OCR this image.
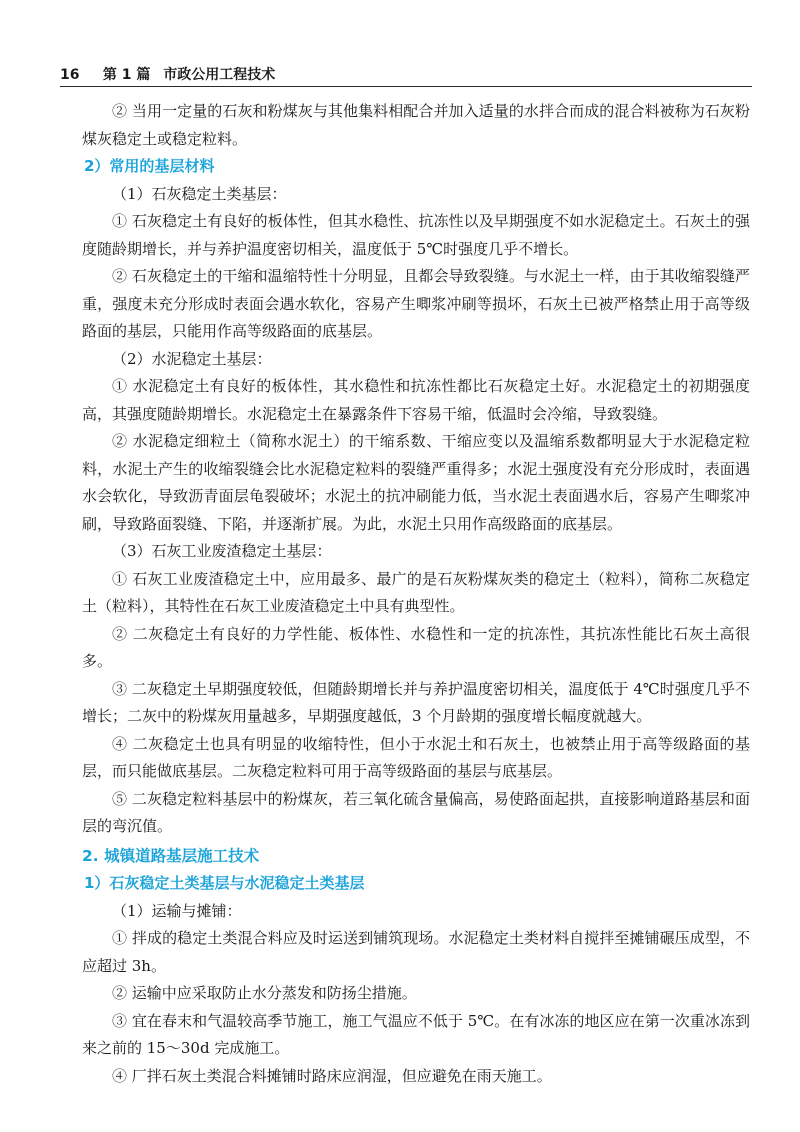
16 第 1 篇 市政公用工程技术

② 当用一定量的石灰和粉煤灰与其他集料相配合并加入适量的水拌合而成的混合料被称为石灰粉煤灰稳定土或稳定粒料。

2）常用的基层材料

（1）石灰稳定土类基层：

① 石灰稳定土有良好的板体性，但其水稳性、抗冻性以及早期强度不如水泥稳定土。石灰土的强度随龄期增长，并与养护温度密切相关，温度低于 5℃时强度几乎不增长。

② 石灰稳定土的干缩和温缩特性十分明显，且都会导致裂缝。与水泥土一样，由于其收缩裂缝严重，强度未充分形成时表面会遇水软化，容易产生唧浆冲刷等损坏，石灰土已被严格禁止用于高等级路面的基层，只能用作高等级路面的底基层。

（2）水泥稳定土基层：

① 水泥稳定土有良好的板体性，其水稳性和抗冻性都比石灰稳定土好。水泥稳定土的初期强度高，其强度随龄期增长。水泥稳定土在暴露条件下容易干缩，低温时会冷缩，导致裂缝。

② 水泥稳定细粒土（简称水泥土）的干缩系数、干缩应变以及温缩系数都明显大于水泥稳定粒料，水泥土产生的收缩裂缝会比水泥稳定粒料的裂缝严重得多；水泥土强度没有充分形成时，表面遇水会软化，导致沥青面层龟裂破坏；水泥土的抗冲刷能力低，当水泥土表面遇水后，容易产生唧浆冲刷，导致路面裂缝、下陷，并逐渐扩展。为此，水泥土只用作高级路面的底基层。

（3）石灰工业废渣稳定土基层：

① 石灰工业废渣稳定土中，应用最多、最广的是石灰粉煤灰类的稳定土（粒料），简称二灰稳定土（粒料），其特性在石灰工业废渣稳定土中具有典型性。

② 二灰稳定土有良好的力学性能、板体性、水稳性和一定的抗冻性，其抗冻性能比石灰土高很多。

③ 二灰稳定土早期强度较低，但随龄期增长并与养护温度密切相关，温度低于 4℃时强度几乎不增长；二灰中的粉煤灰用量越多，早期强度越低，3 个月龄期的强度增长幅度就越大。

④ 二灰稳定土也具有明显的收缩特性，但小于水泥土和石灰土，也被禁止用于高等级路面的基层，而只能做底基层。二灰稳定粒料可用于高等级路面的基层与底基层。

⑤ 二灰稳定粒料基层中的粉煤灰，若三氧化硫含量偏高，易使路面起拱，直接影响道路基层和面层的弯沉值。

2. 城镇道路基层施工技术

1）石灰稳定土类基层与水泥稳定土类基层

（1）运输与摊铺：

① 拌成的稳定土类混合料应及时运送到铺筑现场。水泥稳定土类材料自搅拌至摊铺碾压成型，不应超过 3h。

② 运输中应采取防止水分蒸发和防扬尘措施。

③ 宜在春末和气温较高季节施工，施工气温应不低于 5℃。在有冰冻的地区应在第一次重冰冻到来之前的 15～30d 完成施工。

④ 厂拌石灰土类混合料摊铺时路床应润湿，但应避免在雨天施工。
